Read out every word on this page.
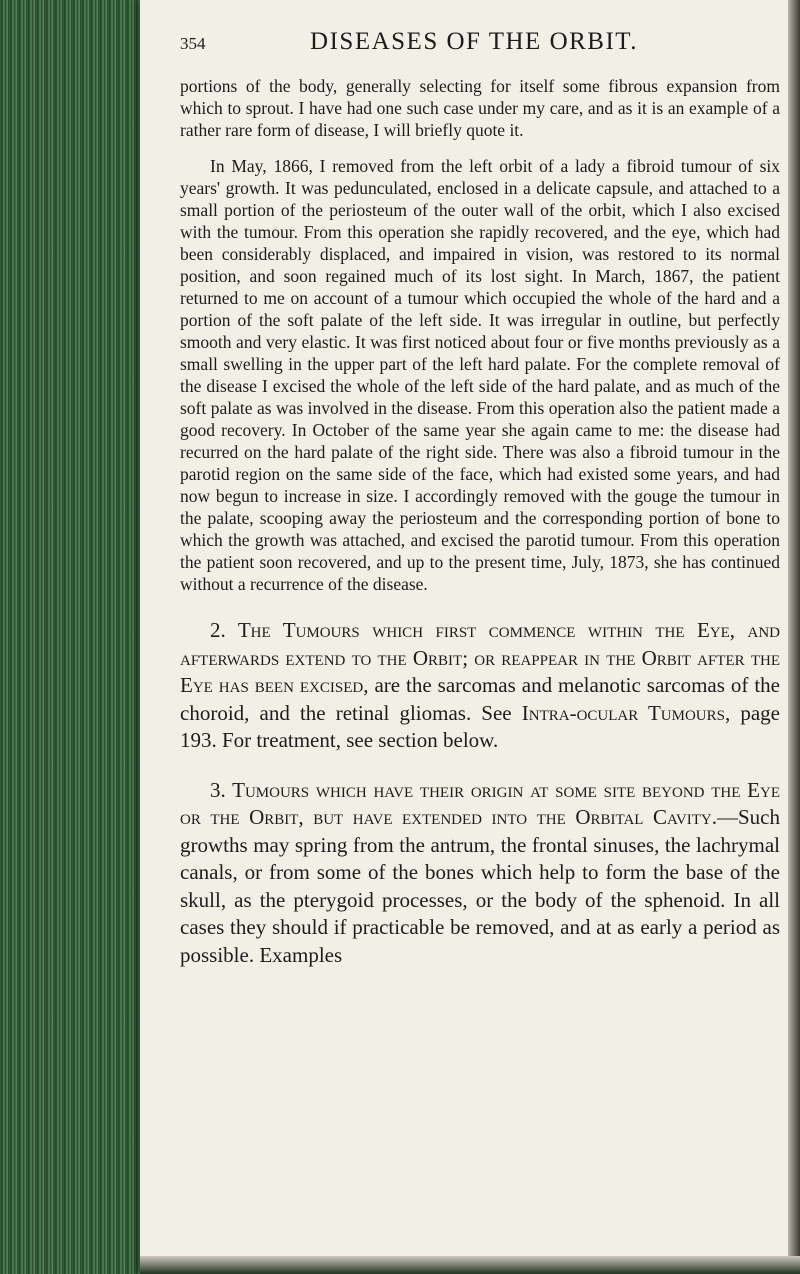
354	DISEASES OF THE ORBIT.

portions of the body, generally selecting for itself some fibrous expansion from which to sprout. I have had one such case under my care, and as it is an example of a rather rare form of disease, I will briefly quote it.

In May, 1866, I removed from the left orbit of a lady a fibroid tumour of six years' growth. It was pedunculated, enclosed in a delicate capsule, and attached to a small portion of the periosteum of the outer wall of the orbit, which I also excised with the tumour. From this operation she rapidly recovered, and the eye, which had been considerably displaced, and impaired in vision, was restored to its normal position, and soon regained much of its lost sight. In March, 1867, the patient returned to me on account of a tumour which occupied the whole of the hard and a portion of the soft palate of the left side. It was irregular in outline, but perfectly smooth and very elastic. It was first noticed about four or five months previously as a small swelling in the upper part of the left hard palate. For the complete removal of the disease I excised the whole of the left side of the hard palate, and as much of the soft palate as was involved in the disease. From this operation also the patient made a good recovery. In October of the same year she again came to me: the disease had recurred on the hard palate of the right side. There was also a fibroid tumour in the parotid region on the same side of the face, which had existed some years, and had now begun to increase in size. I accordingly removed with the gouge the tumour in the palate, scooping away the periosteum and the corresponding portion of bone to which the growth was attached, and excised the parotid tumour. From this operation the patient soon recovered, and up to the present time, July, 1873, she has continued without a recurrence of the disease.

2. The Tumours which first commence within the Eye, and afterwards extend to the Orbit; or reappear in the Orbit after the Eye has been excised, are the sarcomas and melanotic sarcomas of the choroid, and the retinal gliomas. See Intra-ocular Tumours, page 193. For treatment, see section below.

3. Tumours which have their origin at some site beyond the Eye or the Orbit, but have extended into the Orbital Cavity.—Such growths may spring from the antrum, the frontal sinuses, the lachrymal canals, or from some of the bones which help to form the base of the skull, as the pterygoid processes, or the body of the sphenoid. In all cases they should if practicable be removed, and at as early a period as possible. Examples
